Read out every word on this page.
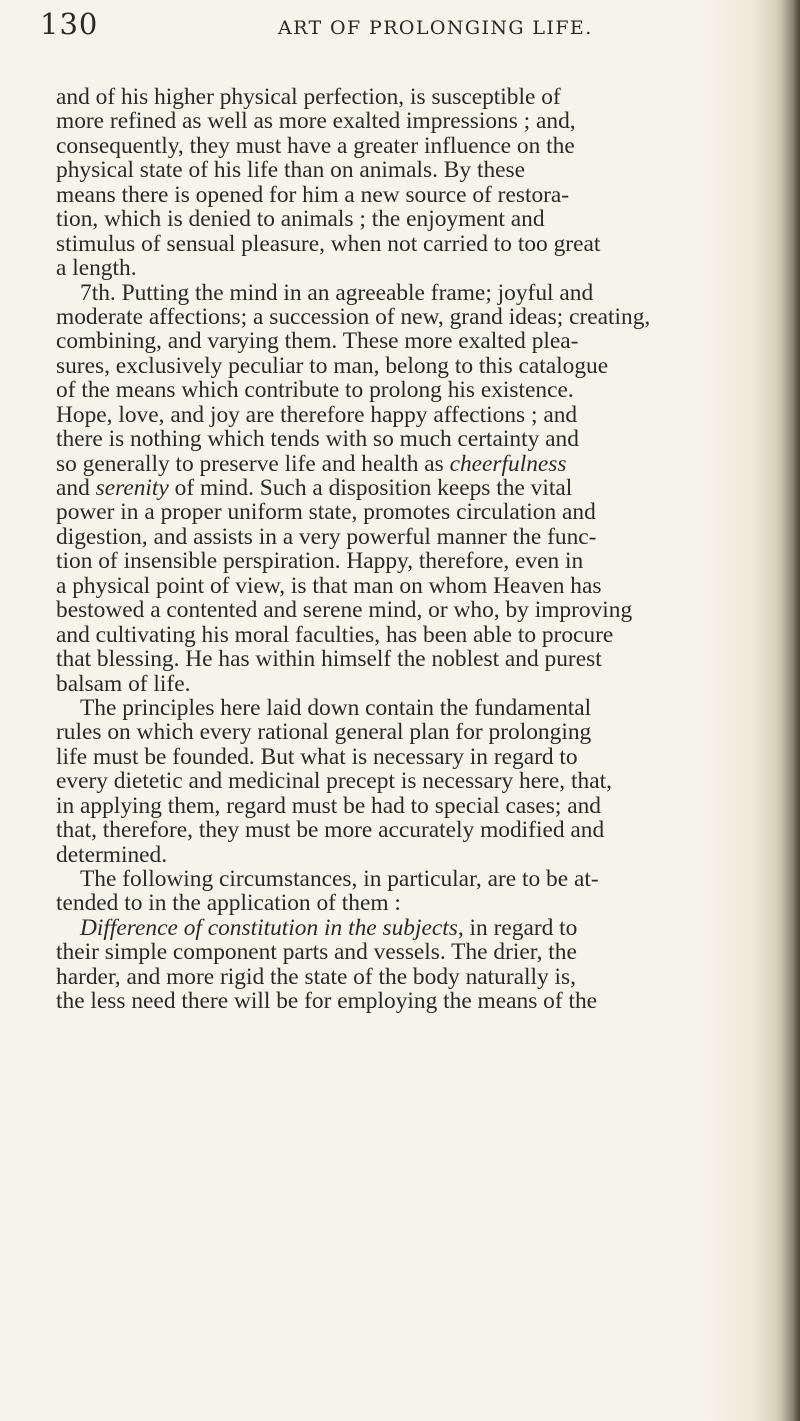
130	ART OF PROLONGING LIFE.
and of his higher physical perfection, is susceptible of
more refined as well as more exalted impressions ; and,
consequently, they must have a greater influence on the
physical state of his life than on animals. By these
means there is opened for him a new source of restora-
tion, which is denied to animals ; the enjoyment and
stimulus of sensual pleasure, when not carried to too great
a length.
7th. Putting the mind in an agreeable frame; joyful and
moderate affections; a succession of new, grand ideas; creating,
combining, and varying them. These more exalted plea-
sures, exclusively peculiar to man, belong to this catalogue
of the means which contribute to prolong his existence.
Hope, love, and joy are therefore happy affections ; and
there is nothing which tends with so much certainty and
so generally to preserve life and health as cheerfulness
and serenity of mind. Such a disposition keeps the vital
power in a proper uniform state, promotes circulation and
digestion, and assists in a very powerful manner the func-
tion of insensible perspiration. Happy, therefore, even in
a physical point of view, is that man on whom Heaven has
bestowed a contented and serene mind, or who, by improving
and cultivating his moral faculties, has been able to procure
that blessing. He has within himself the noblest and purest
balsam of life.
The principles here laid down contain the fundamental
rules on which every rational general plan for prolonging
life must be founded. But what is necessary in regard to
every dietetic and medicinal precept is necessary here, that,
in applying them, regard must be had to special cases; and
that, therefore, they must be more accurately modified and
determined.
The following circumstances, in particular, are to be at-
tended to in the application of them :
Difference of constitution in the subjects, in regard to
their simple component parts and vessels. The drier, the
harder, and more rigid the state of the body naturally is,
the less need there will be for employing the means of the
